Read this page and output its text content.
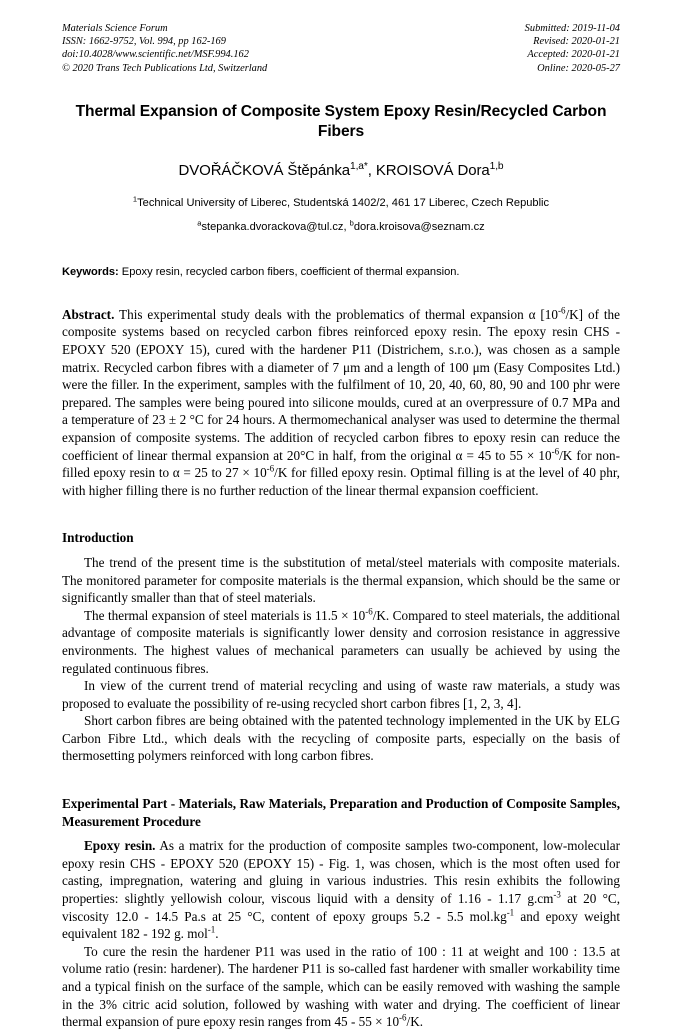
Materials Science Forum
ISSN: 1662-9752, Vol. 994, pp 162-169
doi:10.4028/www.scientific.net/MSF.994.162
© 2020 Trans Tech Publications Ltd, Switzerland
Submitted: 2019-11-04
Revised: 2020-01-21
Accepted: 2020-01-21
Online: 2020-05-27
Thermal Expansion of Composite System Epoxy Resin/Recycled Carbon Fibers
DVOŘÁČKOVÁ Štěpánka$^{1,a*}$, KROISOVÁ Dora$^{1,b}$
$^1$Technical University of Liberec, Studentská 1402/2, 461 17 Liberec, Czech Republic
$^a$stepanka.dvorackova@tul.cz, $^b$dora.kroisova@seznam.cz
Keywords: Epoxy resin, recycled carbon fibers, coefficient of thermal expansion.

Abstract. This experimental study deals with the problematics of thermal expansion α $[10^{-6}/K]$ of the composite systems based on recycled carbon fibres reinforced epoxy resin. The epoxy resin CHS - EPOXY 520 (EPOXY 15), cured with the hardener P11 (Districhem, s.r.o.), was chosen as a sample matrix. Recycled carbon fibres with a diameter of 7 μm and a length of 100 μm (Easy Composites Ltd.) were the filler. In the experiment, samples with the fulfilment of 10, 20, 40, 60, 80, 90 and 100 phr were prepared. The samples were being poured into silicone moulds, cured at an overpressure of 0.7 MPa and a temperature of 23 ± 2 °C for 24 hours. A thermomechanical analyser was used to determine the thermal expansion of composite systems. The addition of recycled carbon fibres to epoxy resin can reduce the coefficient of linear thermal expansion at 20°C in half, from the original α = 45 to $55 \times 10^{-6}/K$ for non-filled epoxy resin to α = 25 to $27 \times 10^{-6}/K$ for filled epoxy resin. Optimal filling is at the level of 40 phr, with higher filling there is no further reduction of the linear thermal expansion coefficient.

Introduction

The trend of the present time is the substitution of metal/steel materials with composite materials. The monitored parameter for composite materials is the thermal expansion, which should be the same or significantly smaller than that of steel materials.

The thermal expansion of steel materials is $11.5 \times 10^{-6}/K$. Compared to steel materials, the additional advantage of composite materials is significantly lower density and corrosion resistance in aggressive environments. The highest values of mechanical parameters can usually be achieved by using the regulated continuous fibres.

In view of the current trend of material recycling and using of waste raw materials, a study was proposed to evaluate the possibility of re-using recycled short carbon fibres [1, 2, 3, 4].

Short carbon fibres are being obtained with the patented technology implemented in the UK by ELG Carbon Fibre Ltd., which deals with the recycling of composite parts, especially on the basis of thermosetting polymers reinforced with long carbon fibres.

Experimental Part - Materials, Raw Materials, Preparation and Production of Composite Samples, Measurement Procedure

Epoxy resin. As a matrix for the production of composite samples two-component, low-molecular epoxy resin CHS - EPOXY 520 (EPOXY 15) - Fig. 1, was chosen, which is the most often used for casting, impregnation, watering and gluing in various industries. This resin exhibits the following properties: slightly yellowish colour, viscous liquid with a density of 1.16 - 1.17 $g.cm^{-3}$ at 20 °C, viscosity 12.0 - 14.5 Pa.s at 25 °C, content of epoxy groups 5.2 - 5.5 $mol.kg^{-1}$ and epoxy weight equivalent 182 - 192 g. mol$^{-1}$.

To cure the resin the hardener P11 was used in the ratio of 100 : 11 at weight and 100 : 13.5 at volume ratio (resin: hardener). The hardener P11 is so-called fast hardener with smaller workability time and a typical finish on the surface of the sample, which can be easily removed with washing the sample in the 3% citric acid solution, followed by washing with water and drying. The coefficient of linear thermal expansion of pure epoxy resin ranges from $45 - 55 \times 10^{-6}/K$.
